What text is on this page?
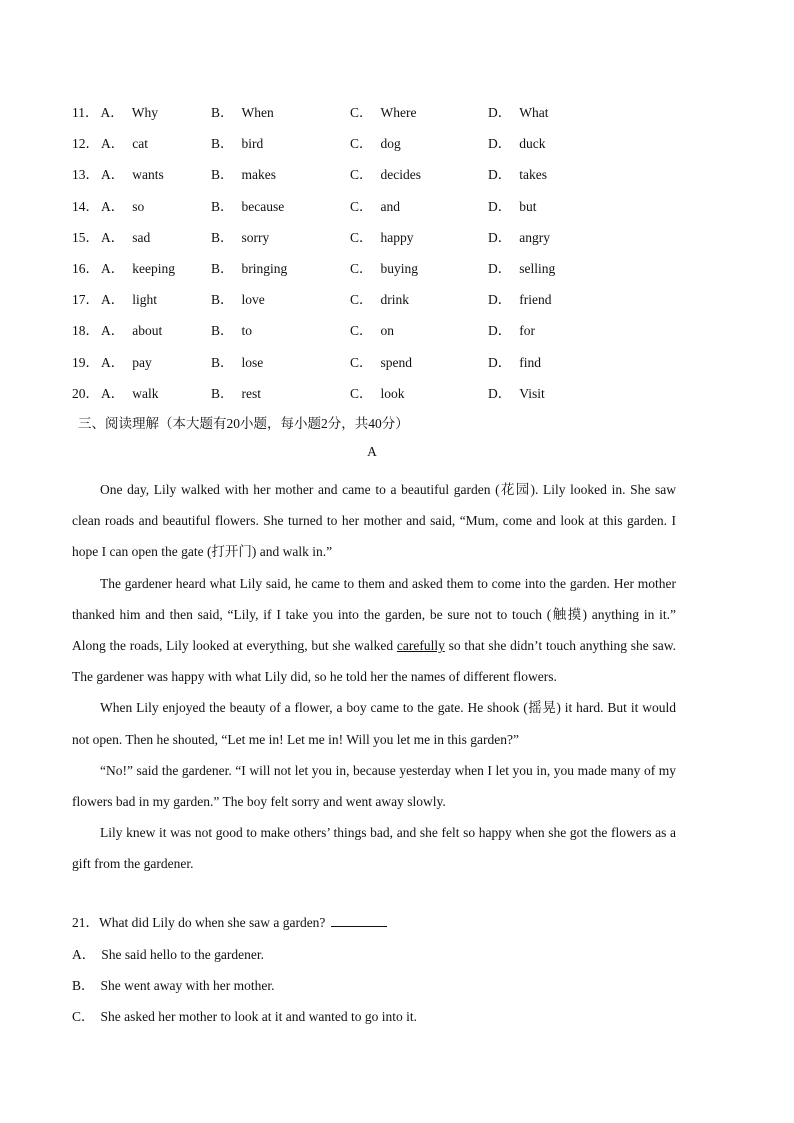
11． A． Why	B． When	C． Where	D． What
12． A． cat	B． bird	C． dog	D． duck
13． A． wants	B． makes	C． decides	D． takes
14． A． so	B． because	C． and	D． but
15． A． sad	B． sorry	C． happy	D． angry
16． A． keeping	B． bringing	C． buying	D． selling
17． A． light	B． love	C． drink	D． friend
18． A． about	B． to	C． on	D． for
19． A． pay	B． lose	C． spend	D． find
20． A． walk	B． rest	C． look	D． Visit
三、阅读理解（本大题有20小题，每小题2分，共40分）
A

One day, Lily walked with her mother and came to a beautiful garden (花园). Lily looked in. She saw clean roads and beautiful flowers. She turned to her mother and said, “Mum, come and look at this garden. I hope I can open the gate (打开门) and walk in.”

The gardener heard what Lily said, he came to them and asked them to come into the garden. Her mother thanked him and then said, “Lily, if I take you into the garden, be sure not to touch (触摸) anything in it.” Along the roads, Lily looked at everything, but she walked carefully so that she didn’t touch anything she saw. The gardener was happy with what Lily did, so he told her the names of different flowers.

When Lily enjoyed the beauty of a flower, a boy came to the gate. He shook (摇晃) it hard. But it would not open. Then he shouted, “Let me in! Let me in! Will you let me in this garden?”

“No!” said the gardener. “I will not let you in, because yesterday when I let you in, you made many of my flowers bad in my garden.” The boy felt sorry and went away slowly.

Lily knew it was not good to make others’ things bad, and she felt so happy when she got the flowers as a gift from the gardener.

21．What did Lily do when she saw a garden?
A． She said hello to the gardener.
B． She went away with her mother.
C． She asked her mother to look at it and wanted to go into it.
